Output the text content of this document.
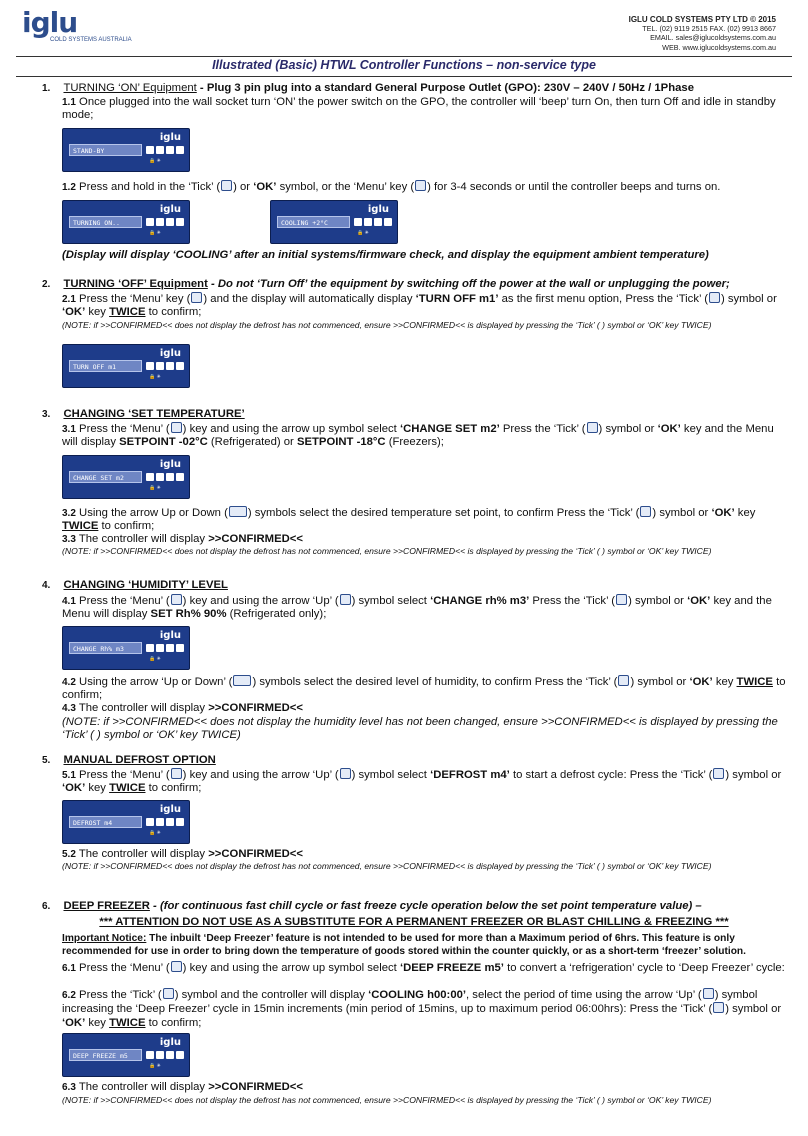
iglu
COLD SYSTEMS AUSTRALIA
IGLU COLD SYSTEMS PTY LTD © 2015
TEL. (02) 9119 2515 FAX. (02) 9913 8667
EMAIL. sales@iglucoldsystems.com.au
WEB. www.iglucoldsystems.com.au
Illustrated (Basic) HTWL Controller Functions – non-service type
1. TURNING ‘ON’ Equipment - Plug 3 pin plug into a standard General Purpose Outlet (GPO): 230V – 240V / 50Hz / 1Phase
1.1 Once plugged into the wall socket turn ‘ON’ the power switch on the GPO, the controller will ‘beep’ turn On, then turn Off and idle in standby mode;
iglu
STAND-BY
🔒 ✳
1.2 Press and hold in the ‘Tick’ ( ) or ‘OK’ symbol, or the ‘Menu’ key ( ) for 3-4 seconds or until the controller beeps and turns on.
iglu
TURNING ON..
🔒 ✳
iglu
COOLING +2°C
🔒 ✳
(Display will display ‘COOLING’ after an initial systems/firmware check, and display the equipment ambient temperature)
2. TURNING ‘OFF’ Equipment - Do not ‘Turn Off’ the equipment by switching off the power at the wall or unplugging the power;
2.1 Press the ‘Menu’ key ( ) and the display will automatically display ‘TURN OFF m1’ as the first menu option, Press the ‘Tick’ ( ) symbol or ‘OK’ key TWICE to confirm;
(NOTE: if >>CONFIRMED<< does not display the defrost has not commenced, ensure >>CONFIRMED<< is displayed by pressing the ‘Tick’ ( ) symbol or ‘OK’ key TWICE)
iglu
TURN OFF m1
🔒 ✳
3. CHANGING ‘SET TEMPERATURE’
3.1 Press the ‘Menu’ ( ) key and using the arrow up symbol select ‘CHANGE SET m2’ Press the ‘Tick’ ( ) symbol or ‘OK’ key and the Menu will display SETPOINT -02°C (Refrigerated) or SETPOINT -18°C (Freezers);
iglu
CHANGE SET m2
🔒 ✳
3.2 Using the arrow Up or Down ( ) symbols select the desired temperature set point, to confirm Press the ‘Tick’ ( ) symbol or ‘OK’ key TWICE to confirm;
3.3 The controller will display >>CONFIRMED<<
(NOTE: if >>CONFIRMED<< does not display the defrost has not commenced, ensure >>CONFIRMED<< is displayed by pressing the ‘Tick’ ( ) symbol or ‘OK’ key TWICE)
4. CHANGING ‘HUMIDITY’ LEVEL
4.1 Press the ‘Menu’ ( ) key and using the arrow ‘Up’ ( ) symbol select ‘CHANGE rh% m3’ Press the ‘Tick’ ( ) symbol or ‘OK’ key and the Menu will display SET Rh% 90% (Refrigerated only);
iglu
CHANGE Rh% m3
🔒 ✳
4.2 Using the arrow ‘Up or Down’ ( ) symbols select the desired level of humidity, to confirm Press the ‘Tick’ ( ) symbol or ‘OK’ key TWICE to confirm;
4.3 The controller will display >>CONFIRMED<<
(NOTE: if >>CONFIRMED<< does not display the humidity level has not been changed, ensure >>CONFIRMED<< is displayed by pressing the ‘Tick’ ( ) symbol or ‘OK’ key TWICE)
5. MANUAL DEFROST OPTION
5.1 Press the ‘Menu’ ( ) key and using the arrow ‘Up’ ( ) symbol select ‘DEFROST m4’ to start a defrost cycle: Press the ‘Tick’ ( ) symbol or ‘OK’ key TWICE to confirm;
iglu
DEFROST m4
🔒 ✳
5.2 The controller will display >>CONFIRMED<<
(NOTE: if >>CONFIRMED<< does not display the defrost has not commenced, ensure >>CONFIRMED<< is displayed by pressing the ‘Tick’ ( ) symbol or ‘OK’ key TWICE)
6. DEEP FREEZER - (for continuous fast chill cycle or fast freeze cycle operation below the set point temperature value) –
*** ATTENTION DO NOT USE AS A SUBSTITUTE FOR A PERMANENT FREEZER OR BLAST CHILLING & FREEZING ***
Important Notice: The inbuilt ‘Deep Freezer’ feature is not intended to be used for more than a Maximum period of 6hrs. This feature is only recommended for use in order to bring down the temperature of goods stored within the counter quickly, or as a short-term ‘freezer’ solution.
6.1 Press the ‘Menu’ ( ) key and using the arrow up symbol select ‘DEEP FREEZE m5’ to convert a ‘refrigeration’ cycle to ‘Deep Freezer’ cycle:
6.2 Press the ‘Tick’ ( ) symbol and the controller will display ‘COOLING h00:00’, select the period of time using the arrow ‘Up’ ( ) symbol increasing the ‘Deep Freezer’ cycle in 15min increments (min period of 15mins, up to maximum period 06:00hrs): Press the ‘Tick’ ( ) symbol or ‘OK’ key TWICE to confirm;
iglu
DEEP FREEZE m5
🔒 ✳
6.3 The controller will display >>CONFIRMED<<
(NOTE: if >>CONFIRMED<< does not display the defrost has not commenced, ensure >>CONFIRMED<< is displayed by pressing the ‘Tick’ ( ) symbol or ‘OK’ key TWICE)
